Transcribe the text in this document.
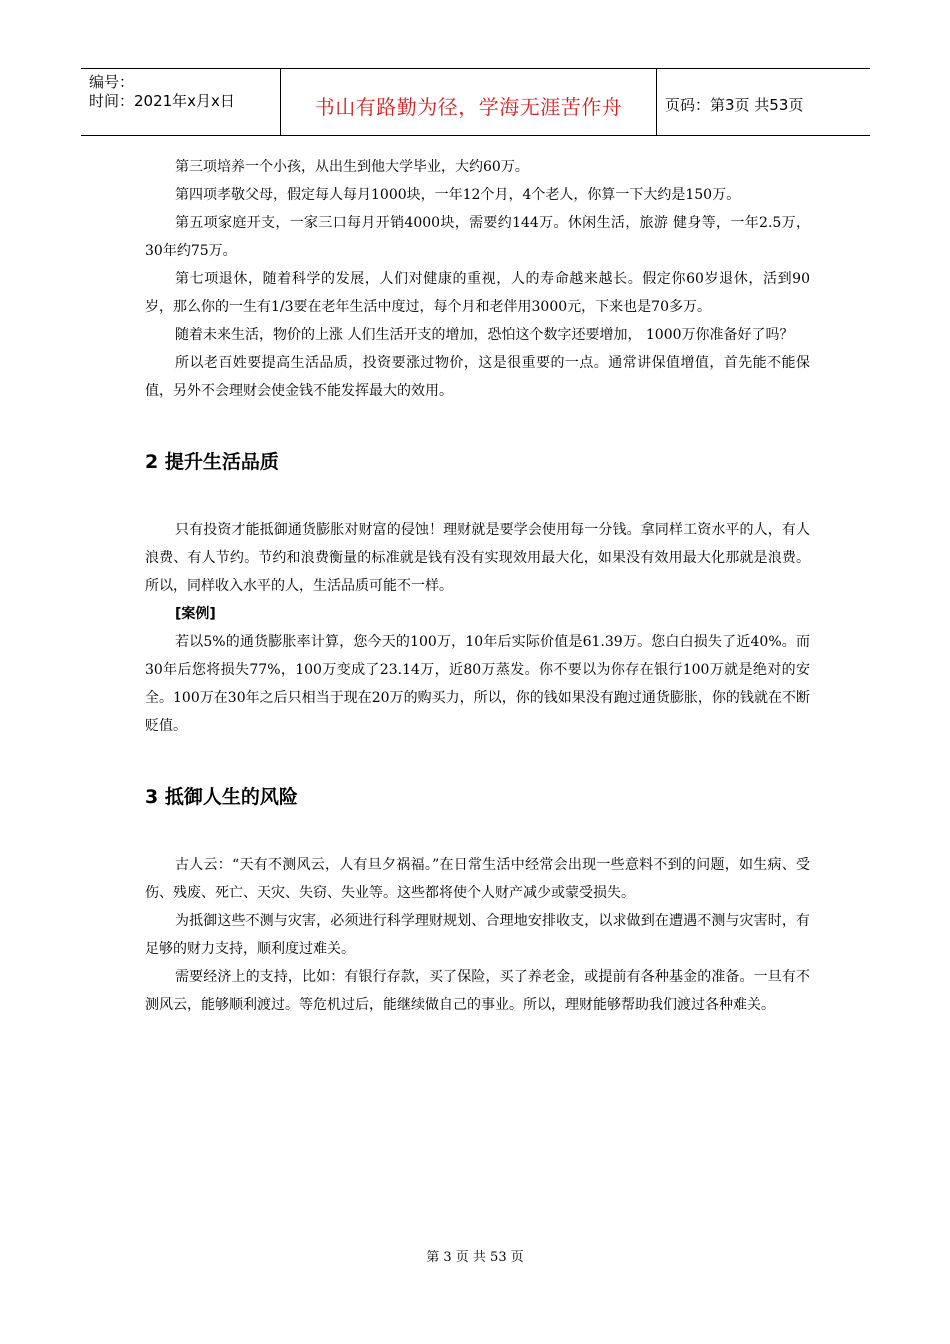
编号：
时间：2021年x月x日	书山有路勤为径，学海无涯苦作舟	页码：第3页 共53页

第三项培养一个小孩，从出生到他大学毕业，大约60万。

第四项孝敬父母，假定每人每月1000块，一年12个月，4个老人，你算一下大约是150万。

第五项家庭开支，一家三口每月开销4000块，需要约144万。休闲生活，旅游 健身等，一年2.5万，30年约75万。

第七项退休，随着科学的发展，人们对健康的重视，人的寿命越来越长。假定你60岁退休，活到90岁，那么你的一生有1/3要在老年生活中度过，每个月和老伴用3000元，下来也是70多万。

随着未来生活，物价的上涨 人们生活开支的增加，恐怕这个数字还要增加， 1000万你准备好了吗？

所以老百姓要提高生活品质，投资要涨过物价，这是很重要的一点。通常讲保值增值，首先能不能保值，另外不会理财会使金钱不能发挥最大的效用。

2 提升生活品质

只有投资才能抵御通货膨胀对财富的侵蚀！理财就是要学会使用每一分钱。拿同样工资水平的人，有人浪费、有人节约。节约和浪费衡量的标准就是钱有没有实现效用最大化，如果没有效用最大化那就是浪费。所以，同样收入水平的人，生活品质可能不一样。

[案例]

若以5%的通货膨胀率计算，您今天的100万，10年后实际价值是61.39万。您白白损失了近40%。而30年后您将损失77%，100万变成了23.14万，近80万蒸发。你不要以为你存在银行100万就是绝对的安全。100万在30年之后只相当于现在20万的购买力，所以，你的钱如果没有跑过通货膨胀，你的钱就在不断贬值。

3 抵御人生的风险

古人云：“天有不测风云，人有旦夕祸福。”在日常生活中经常会出现一些意料不到的问题，如生病、受伤、残废、死亡、天灾、失窃、失业等。这些都将使个人财产减少或蒙受损失。

为抵御这些不测与灾害，必须进行科学理财规划、合理地安排收支，以求做到在遭遇不测与灾害时，有足够的财力支持，顺利度过难关。

需要经济上的支持，比如：有银行存款，买了保险，买了养老金，或提前有各种基金的准备。一旦有不测风云，能够顺利渡过。等危机过后，能继续做自己的事业。所以，理财能够帮助我们渡过各种难关。

第 3 页 共 53 页
